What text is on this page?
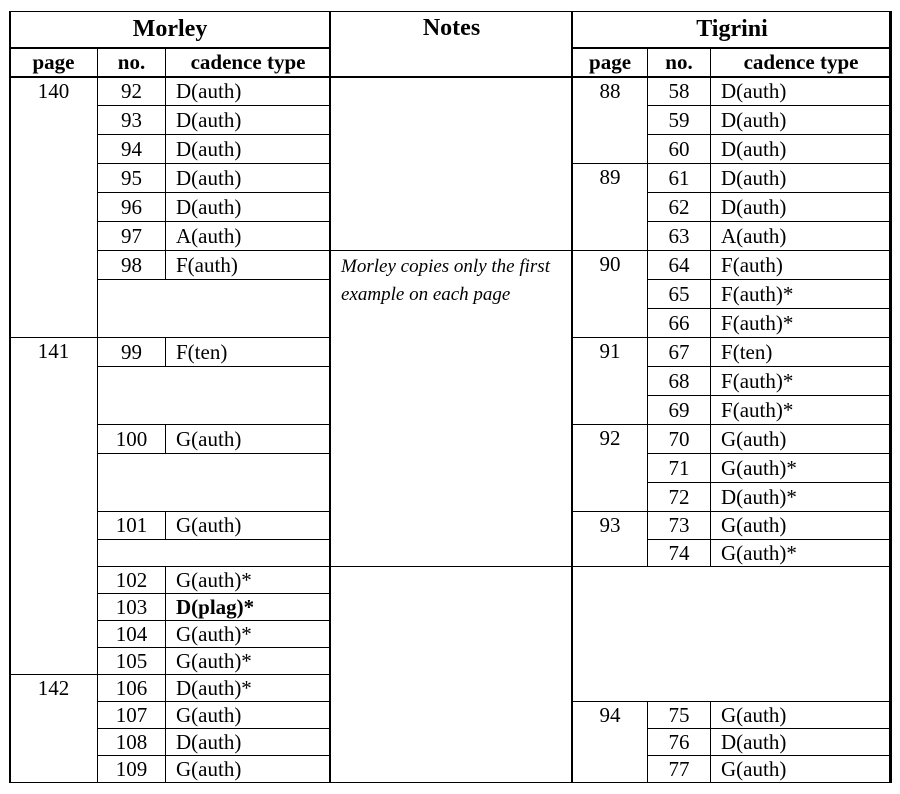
Morley			Notes	Tigrini		
page	no.	cadence type		page	no.	cadence type
140	92	D(auth)		88	58	D(auth)
	93	D(auth)			59	D(auth)
	94	D(auth)			60	D(auth)
	95	D(auth)		89	61	D(auth)
	96	D(auth)			62	D(auth)
	97	A(auth)			63	A(auth)
	98	F(auth)	Morley copies only the first example on each page	90	64	F(auth)
					65	F(auth)*
					66	F(auth)*
141	99	F(ten)		91	67	F(ten)
					68	F(auth)*
					69	F(auth)*
	100	G(auth)		92	70	G(auth)
					71	G(auth)*
					72	D(auth)*
	101	G(auth)		93	73	G(auth)
					74	G(auth)*
	102	G(auth)*				
	103	D(plag)*				
	104	G(auth)*				
	105	G(auth)*				
142	106	D(auth)*				
	107	G(auth)		94	75	G(auth)
	108	D(auth)			76	D(auth)
	109	G(auth)			77	G(auth)
